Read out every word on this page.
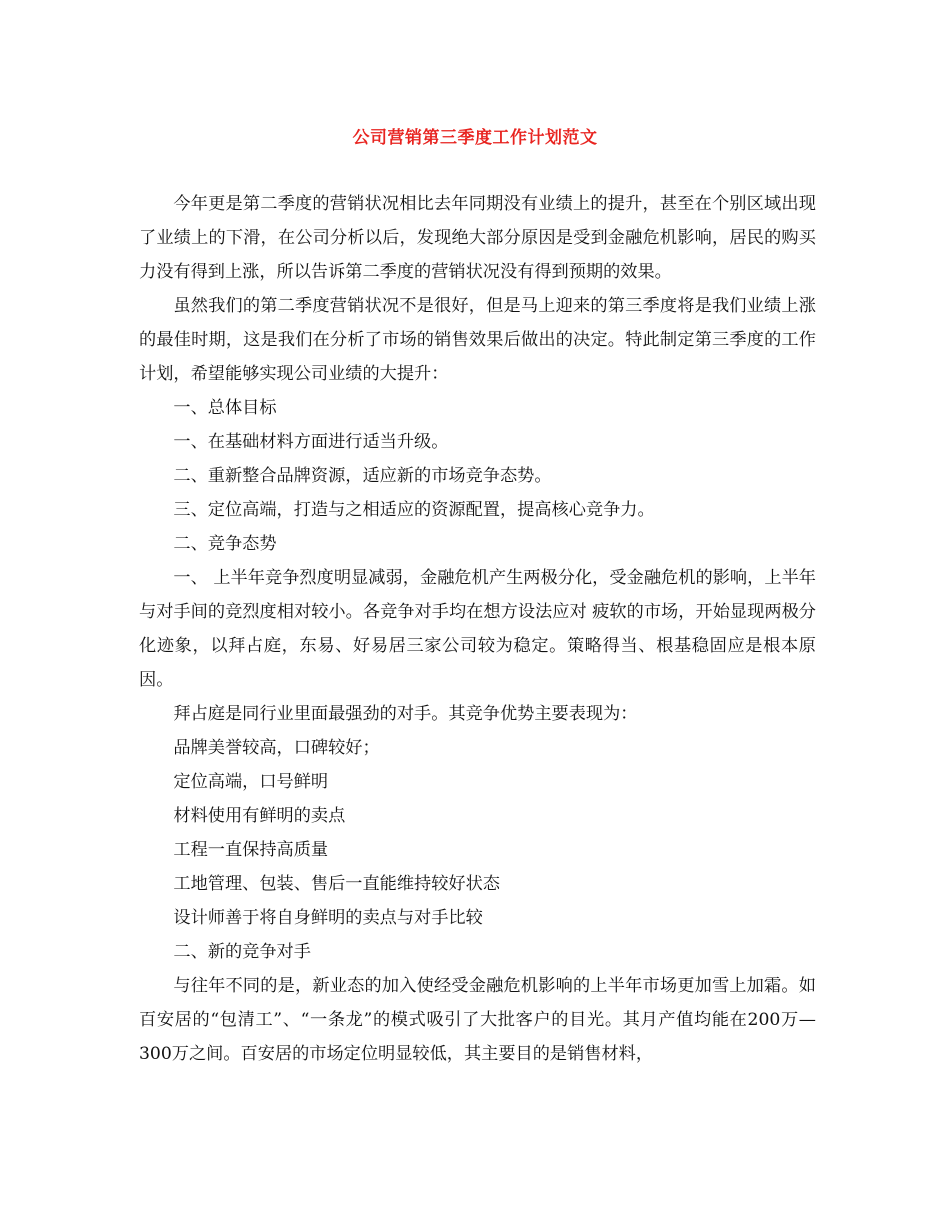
公司营销第三季度工作计划范文

今年更是第二季度的营销状况相比去年同期没有业绩上的提升，甚至在个别区域出现了业绩上的下滑，在公司分析以后，发现绝大部分原因是受到金融危机影响，居民的购买力没有得到上涨，所以告诉第二季度的营销状况没有得到预期的效果。

虽然我们的第二季度营销状况不是很好，但是马上迎来的第三季度将是我们业绩上涨的最佳时期，这是我们在分析了市场的销售效果后做出的决定。特此制定第三季度的工作计划，希望能够实现公司业绩的大提升：

一、总体目标

一、在基础材料方面进行适当升级。

二、重新整合品牌资源，适应新的市场竞争态势。

三、定位高端，打造与之相适应的资源配置，提高核心竞争力。

二、竞争态势

一、 上半年竞争烈度明显减弱，金融危机产生两极分化，受金融危机的影响，上半年与对手间的竞烈度相对较小。各竞争对手均在想方设法应对 疲软的市场，开始显现两极分化迹象，以拜占庭，东易、好易居三家公司较为稳定。策略得当、根基稳固应是根本原因。

拜占庭是同行业里面最强劲的对手。其竞争优势主要表现为：

品牌美誉较高，口碑较好；

定位高端，口号鲜明

材料使用有鲜明的卖点

工程一直保持高质量

工地管理、包装、售后一直能维持较好状态

设计师善于将自身鲜明的卖点与对手比较

二、新的竞争对手

与往年不同的是，新业态的加入使经受金融危机影响的上半年市场更加雪上加霜。如百安居的“包清工”、“一条龙”的模式吸引了大批客户的目光。其月产值均能在200万—300万之间。百安居的市场定位明显较低，其主要目的是销售材料，
